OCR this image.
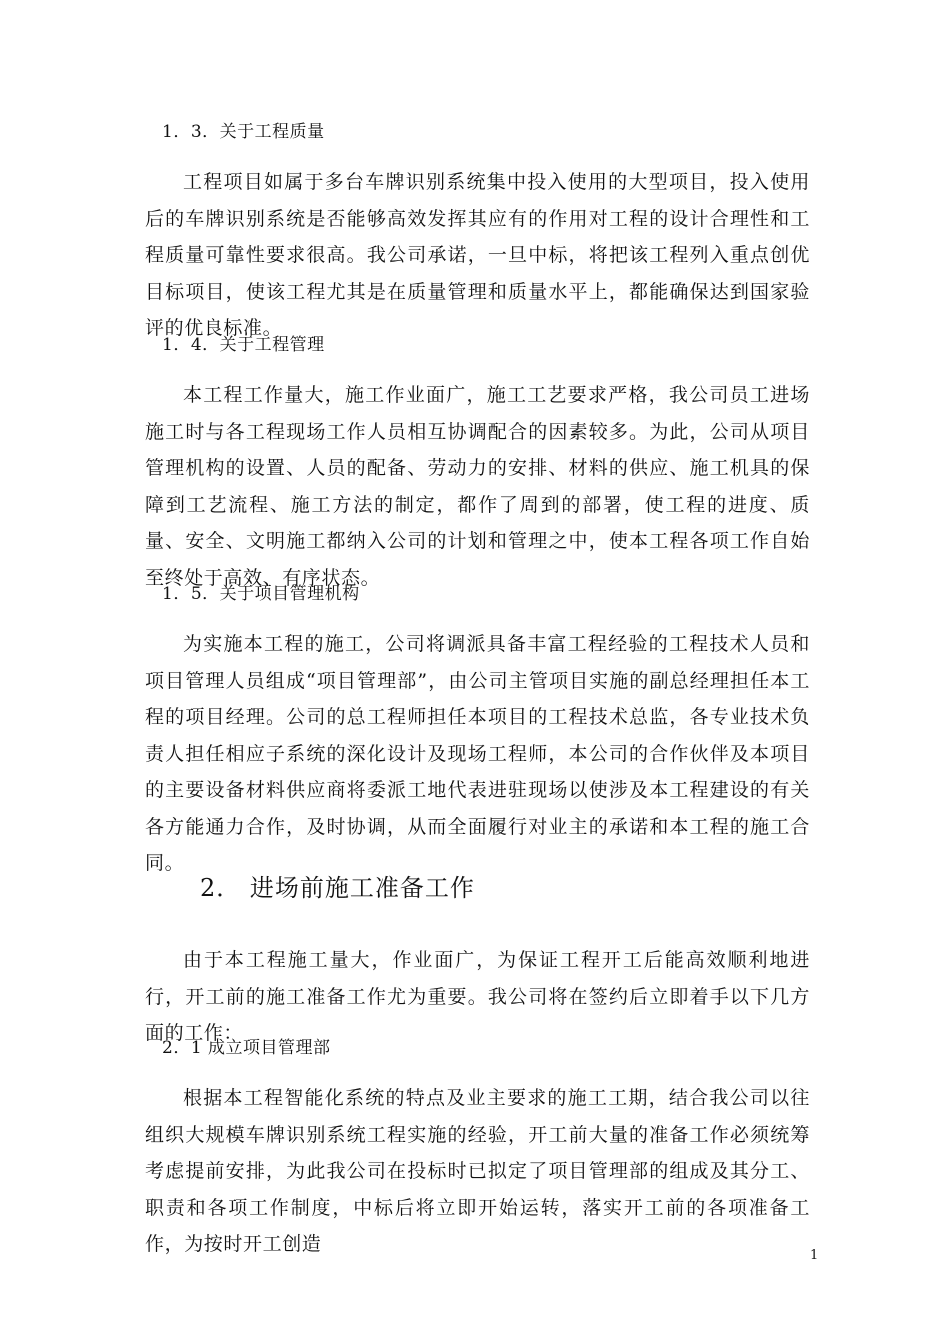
1．3．关于工程质量

工程项目如属于多台车牌识别系统集中投入使用的大型项目，投入使用后的车牌识别系统是否能够高效发挥其应有的作用对工程的设计合理性和工程质量可靠性要求很高。我公司承诺，一旦中标，将把该工程列入重点创优目标项目，使该工程尤其是在质量管理和质量水平上，都能确保达到国家验评的优良标准。

1．4．关于工程管理

本工程工作量大，施工作业面广，施工工艺要求严格，我公司员工进场施工时与各工程现场工作人员相互协调配合的因素较多。为此，公司从项目管理机构的设置、人员的配备、劳动力的安排、材料的供应、施工机具的保障到工艺流程、施工方法的制定，都作了周到的部署，使工程的进度、质量、安全、文明施工都纳入公司的计划和管理之中，使本工程各项工作自始至终处于高效、有序状态。

1．5．关于项目管理机构

为实施本工程的施工，公司将调派具备丰富工程经验的工程技术人员和项目管理人员组成“项目管理部”，由公司主管项目实施的副总经理担任本工程的项目经理。公司的总工程师担任本项目的工程技术总监，各专业技术负责人担任相应子系统的深化设计及现场工程师，本公司的合作伙伴及本项目的主要设备材料供应商将委派工地代表进驻现场以使涉及本工程建设的有关各方能通力合作，及时协调，从而全面履行对业主的承诺和本工程的施工合同。

2． 进场前施工准备工作

由于本工程施工量大，作业面广，为保证工程开工后能高效顺利地进行，开工前的施工准备工作尤为重要。我公司将在签约后立即着手以下几方面的工作：

2．1 成立项目管理部

根据本工程智能化系统的特点及业主要求的施工工期，结合我公司以往组织大规模车牌识别系统工程实施的经验，开工前大量的准备工作必须统筹考虑提前安排，为此我公司在投标时已拟定了项目管理部的组成及其分工、职责和各项工作制度，中标后将立即开始运转，落实开工前的各项准备工作，为按时开工创造

1
